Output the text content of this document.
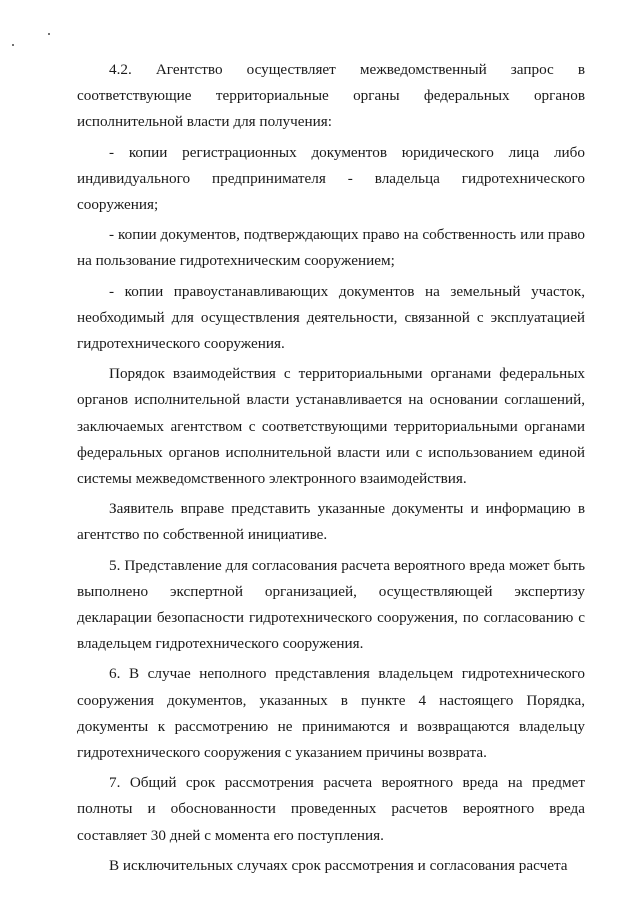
4.2. Агентство осуществляет межведомственный запрос в соответствующие территориальные органы федеральных органов исполнительной власти для получения:

- копии регистрационных документов юридического лица либо индивидуального предпринимателя - владельца гидротехнического сооружения;

- копии документов, подтверждающих право на собственность или право на пользование гидротехническим сооружением;

- копии правоустанавливающих документов на земельный участок, необходимый для осуществления деятельности, связанной с эксплуатацией гидротехнического сооружения.

Порядок взаимодействия с территориальными органами федеральных органов исполнительной власти устанавливается на основании соглашений, заключаемых агентством с соответствующими территориальными органами федеральных органов исполнительной власти или с использованием единой системы межведомственного электронного взаимодействия.

Заявитель вправе представить указанные документы и информацию в агентство по собственной инициативе.

5. Представление для согласования расчета вероятного вреда может быть выполнено экспертной организацией, осуществляющей экспертизу декларации безопасности гидротехнического сооружения, по согласованию с владельцем гидротехнического сооружения.

6. В случае неполного представления владельцем гидротехнического сооружения документов, указанных в пункте 4 настоящего Порядка, документы к рассмотрению не принимаются и возвращаются владельцу гидротехнического сооружения с указанием причины возврата.

7. Общий срок рассмотрения расчета вероятного вреда на предмет полноты и обоснованности проведенных расчетов вероятного вреда составляет 30 дней с момента его поступления.

В исключительных случаях срок рассмотрения и согласования расчета
